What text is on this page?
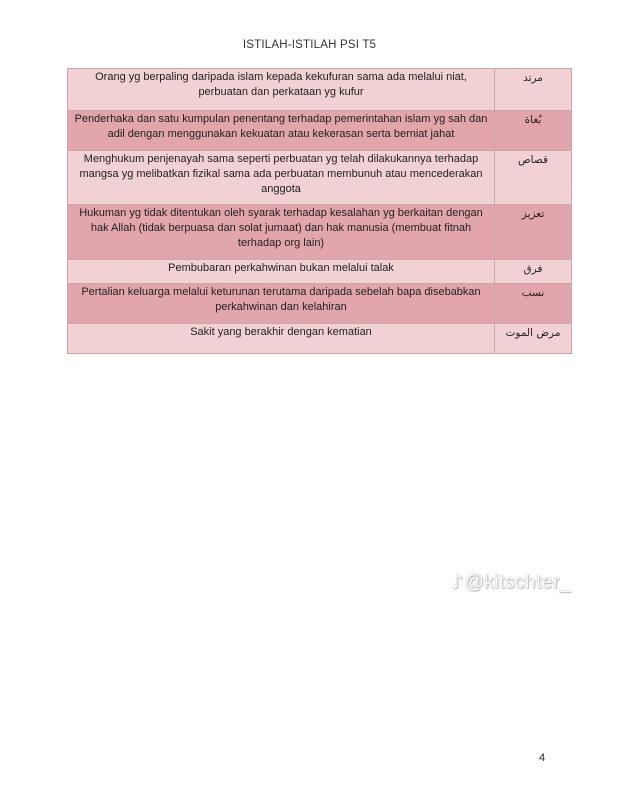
ISTILAH-ISTILAH PSI T5
Orang yg berpaling daripada islam kepada kekufuran sama ada melalui niat, perbuatan dan perkataan yg kufur	مرتد
Penderhaka dan satu kumpulan penentang terhadap pemerintahan islam yg sah dan adil dengan menggunakan kekuatan atau kekerasan serta berniat jahat	بُغاة
Menghukum penjenayah sama seperti perbuatan yg telah dilakukannya terhadap mangsa yg melibatkan fizikal sama ada perbuatan membunuh atau mencederakan anggota	قصاص
Hukuman yg tidak ditentukan oleh syarak terhadap kesalahan yg berkaitan dengan hak Allah (tidak berpuasa dan solat jumaat) dan hak manusia (membuat fitnah terhadap org lain)	تعزيز
Pembubaran perkahwinan bukan melalui talak	فرق
Pertalian keluarga melalui keturunan terutama daripada sebelah bapa disebabkan perkahwinan dan kelahiran	نسب
Sakit yang berakhir dengan kematian	مرض الموت
♪@kitschter_
4
